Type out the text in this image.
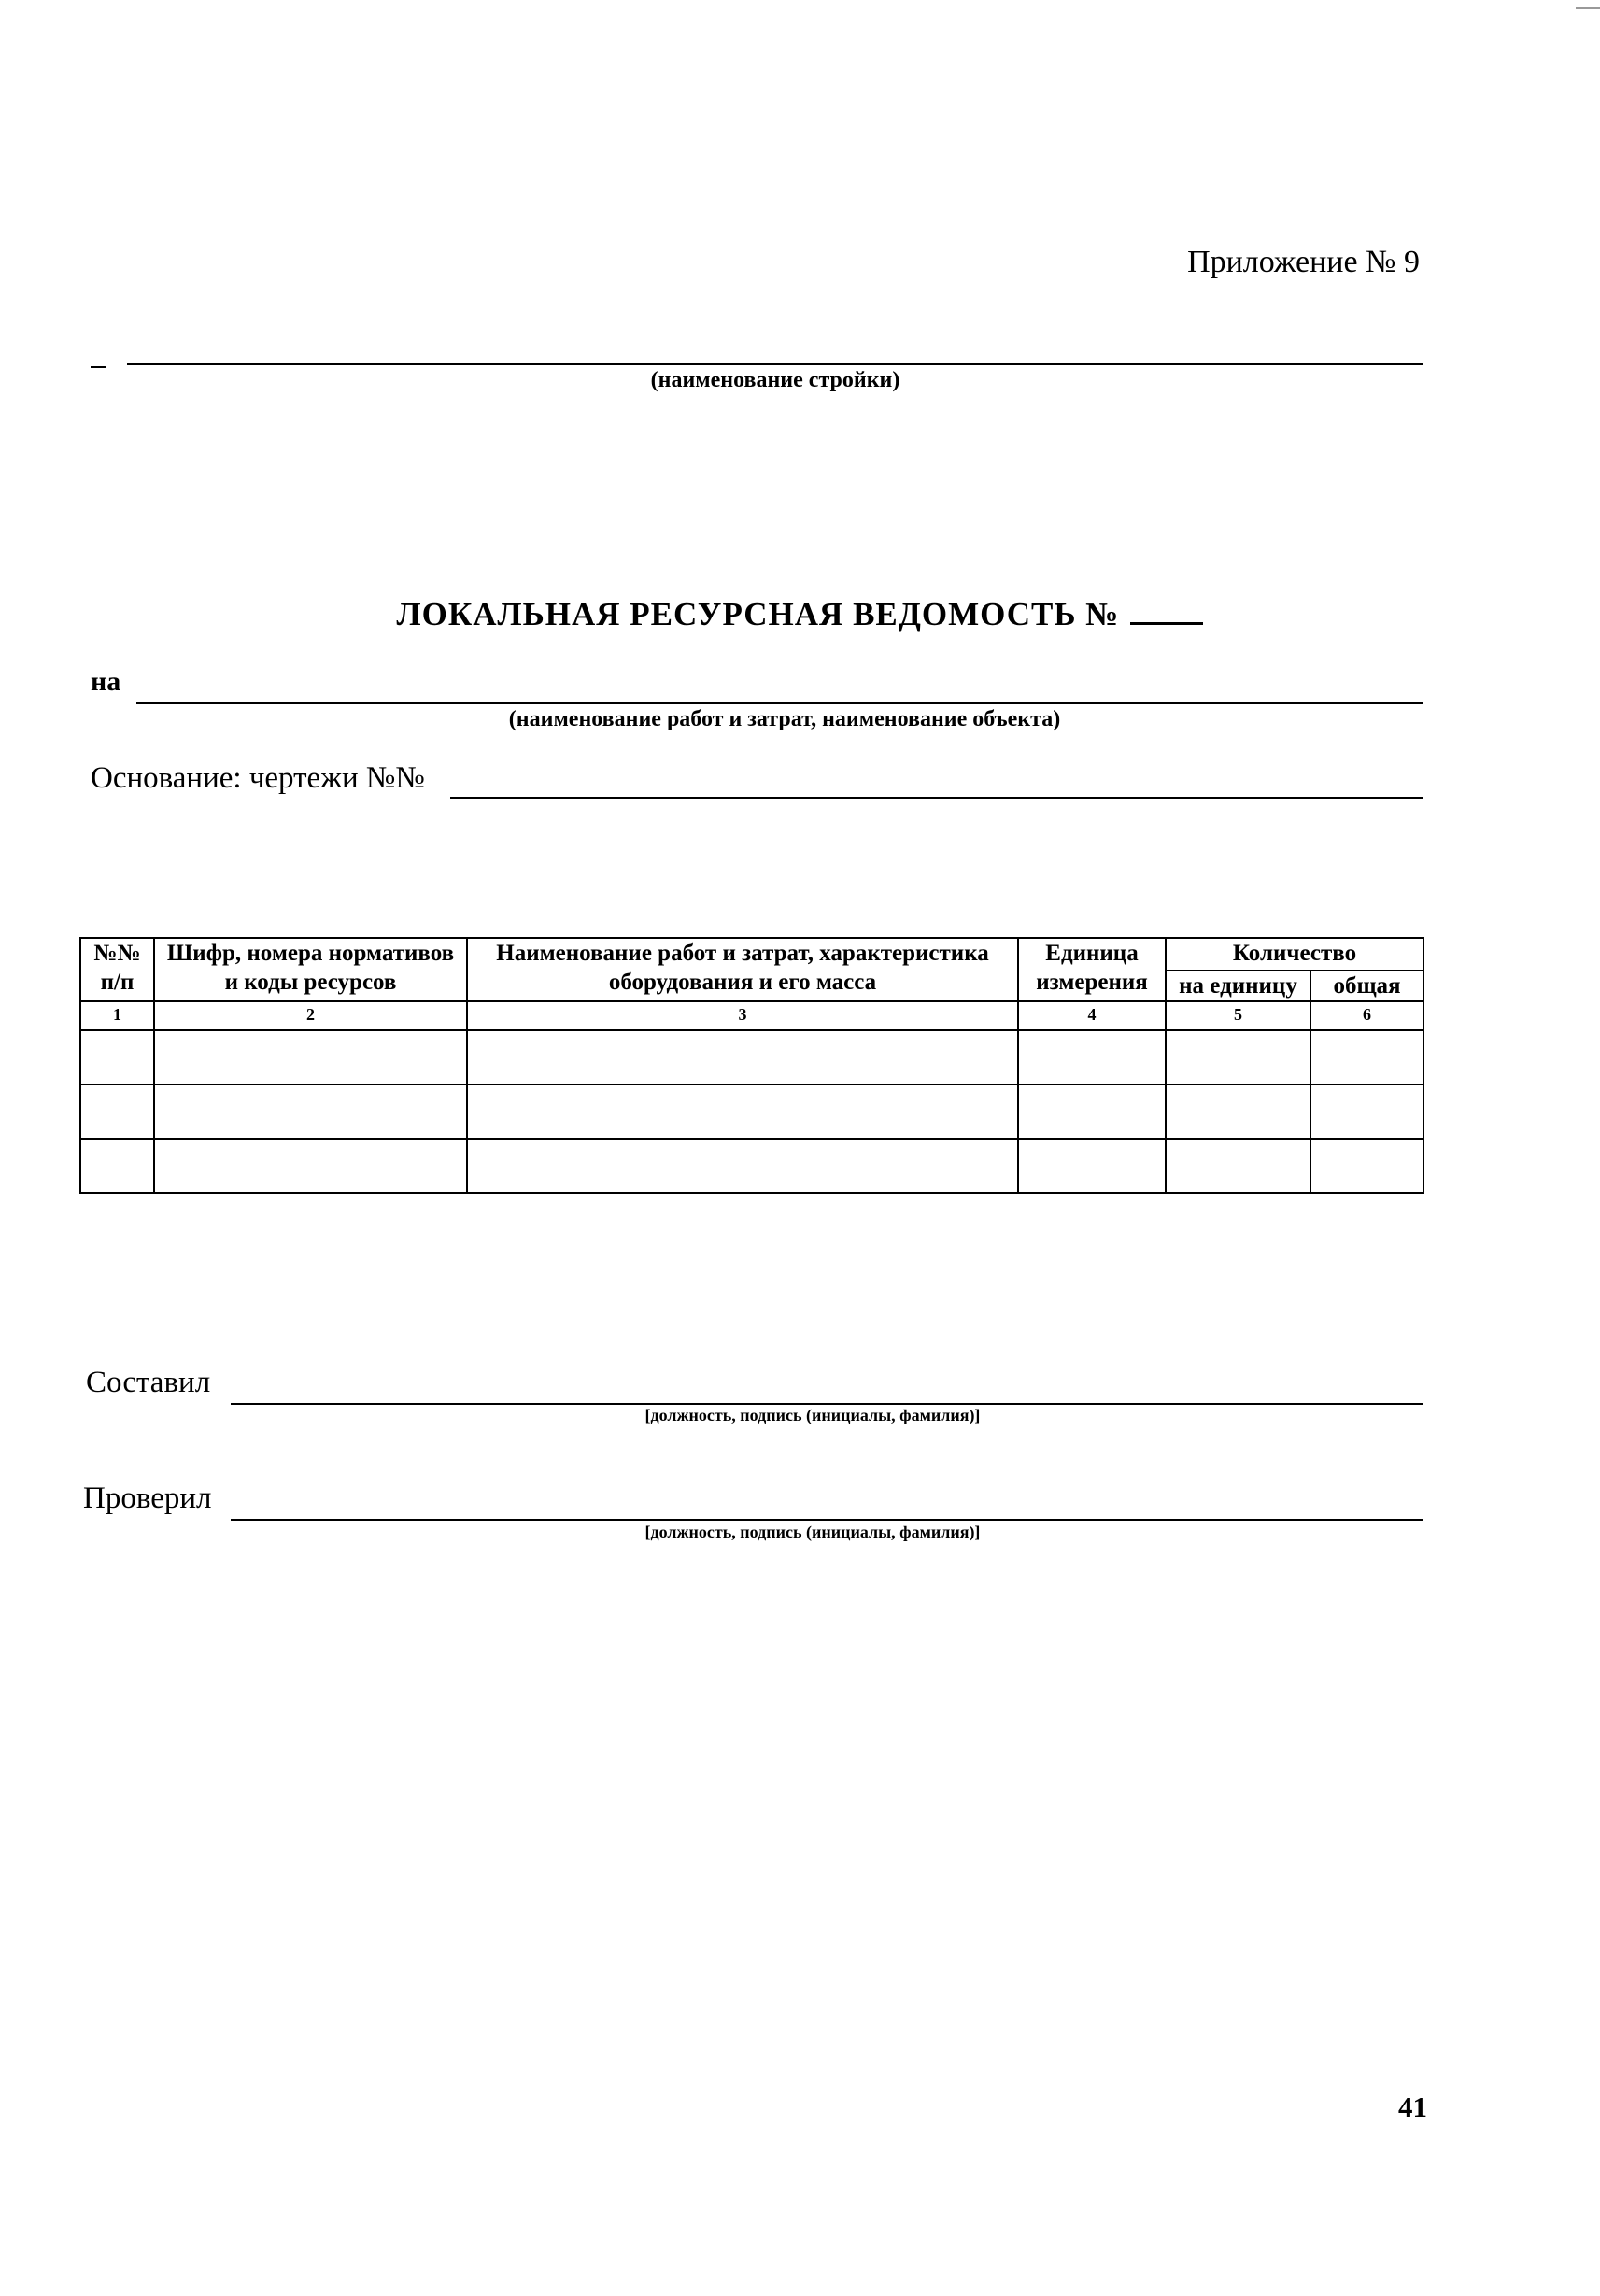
Приложение № 9
(наименование стройки)
ЛОКАЛЬНАЯ РЕСУРСНАЯ ВЕДОМОСТЬ №
на
(наименование работ и затрат, наименование объекта)
Основание: чертежи №№
№№ п/п	Шифр, номера нормативов и коды ресурсов	Наименование работ и затрат, характеристика оборудования и его масса	Единица измерения	Количество	
				на единицу	общая
1	2	3	4	5	6

Составил
[должность, подпись (инициалы, фамилия)]
Проверил
[должность, подпись (инициалы, фамилия)]
41
